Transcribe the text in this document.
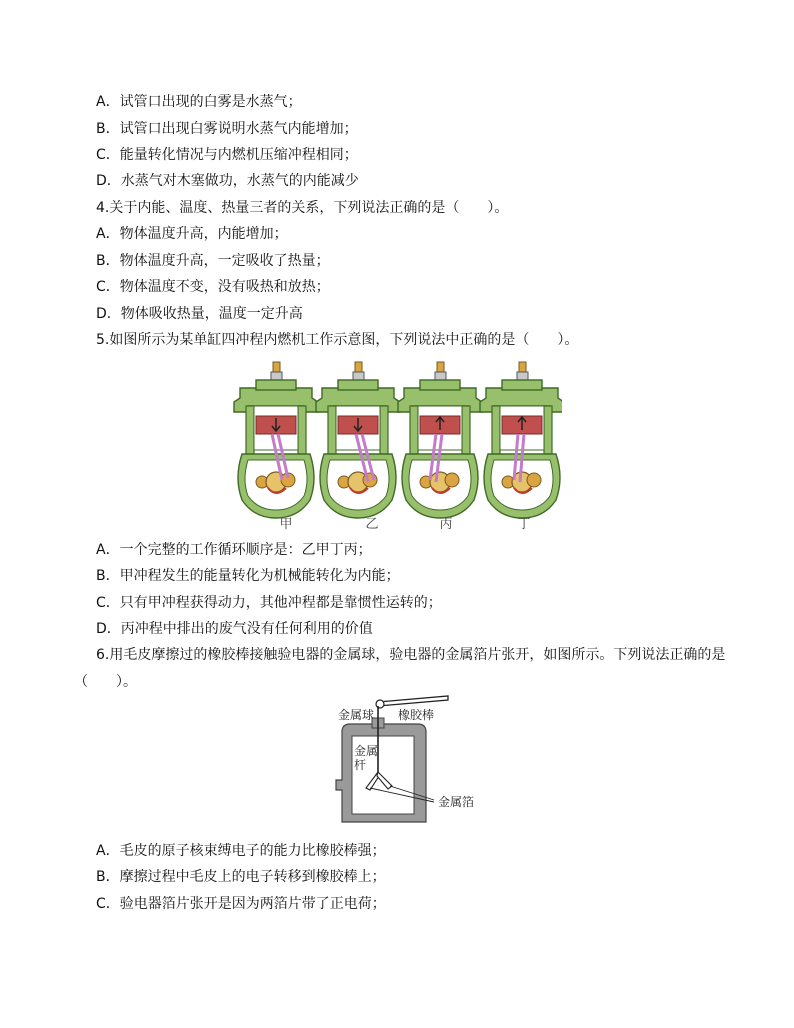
A．试管口出现的白雾是水蒸气；
B．试管口出现白雾说明水蒸气内能增加；
C．能量转化情况与内燃机压缩冲程相同；
D．水蒸气对木塞做功，水蒸气的内能减少
4.关于内能、温度、热量三者的关系，下列说法正确的是（　　）。
A．物体温度升高，内能增加；
B．物体温度升高，一定吸收了热量；
C．物体温度不变，没有吸热和放热；
D．物体吸收热量，温度一定升高
5.如图所示为某单缸四冲程内燃机工作示意图，下列说法中正确的是（　　）。
甲	乙	丙	丁
A．一个完整的工作循环顺序是：乙甲丁丙；
B．甲冲程发生的能量转化为机械能转化为内能；
C．只有甲冲程获得动力，其他冲程都是靠惯性运转的；
D．丙冲程中排出的废气没有任何利用的价值
6.用毛皮摩擦过的橡胶棒接触验电器的金属球，验电器的金属箔片张开，如图所示。下列说法正确的是
（　　）。
金属球 橡胶棒
金属
杆
金属箔
A．毛皮的原子核束缚电子的能力比橡胶棒强；
B．摩擦过程中毛皮上的电子转移到橡胶棒上；
C．验电器箔片张开是因为两箔片带了正电荷；
